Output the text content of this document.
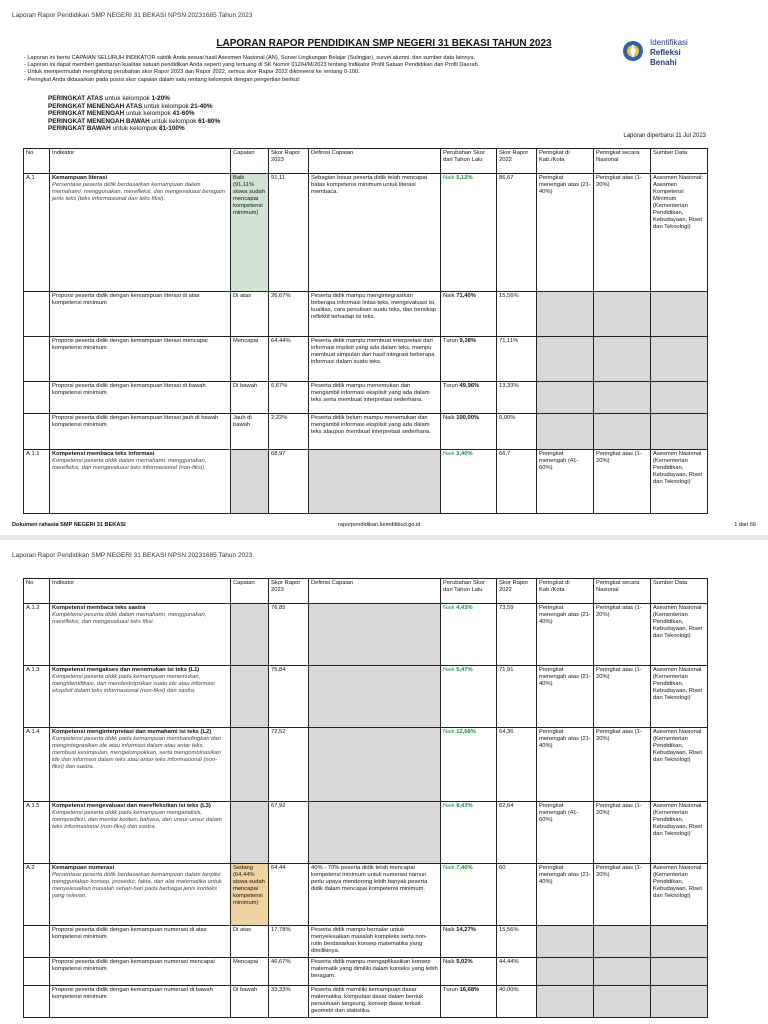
Laporan Rapor Pendidikan SMP NEGERI 31 BEKASI NPSN 20231685 Tahun 2023
LAPORAN RAPOR PENDIDIKAN SMP NEGERI 31 BEKASI TAHUN 2023	Identifikasi
Refleksi
Benahi
- Laporan ini berisi CAPAIAN SELURUH INDIKATOR satdik Anda sesuai hasil Asesmen Nasional (AN), Survei Lingkungan Belajar (Sulingjar), survei alumni, dan sumber data lainnya.
- Laporan ini dapat memberi gambaran kualitas satuan pendidikan Anda seperti yang tertuang di SK Nomor 012/H/M/2023 tentang Indikator Profil Satuan Pendidikan dan Profil Daerah.
- Untuk mempermudah menghitung perubahan skor Rapor 2023 dan Rapor 2022, semua skor Rapor 2022 dikonversi ke rentang 0-100.
- Peringkat Anda didasarkan pada posisi skor capaian dalam satu rentang kelompok dengan pengertian berikut:
PERINGKAT ATAS untuk kelompok 1-20%
PERINGKAT MENENGAH ATAS untuk kelompok 21-40%
PERINGKAT MENENGAH untuk kelompok 41-60%
PERINGKAT MENENGAH BAWAH untuk kelompok 61-80%
PERINGKAT BAWAH untuk kelompok 81-100%
Laporan diperbarui 11 Jul 2023
No	Indikator	Capaian	Skor Rapor 2023	Definisi Capaian	Perubahan Skor dari Tahun Lalu	Skor Rapor 2022	Peringkat di Kab./Kota	Peringkat secara Nasional	Sumber Data
A.1	Kemampuan literasi
Persentase peserta didik berdasarkan kemampuan dalam memahami, menggunakan, merefleksi, dan mengevaluasi beragam jenis teks (teks informasional dan teks fiksi).	Baik (91,11% siswa sudah mencapai kompetensi minimum)	91,11	Sebagian besar peserta didik telah mencapai batas kompetensi minimum untuk literasi membaca.	Naik 5,12%	86,67	Peringkat menengah atas (21-40%)	Peringkat atas (1-20%)	Asesmen Nasional; Asesmen Kompetensi Minimum (Kementerian Pendidikan, Kebudayaan, Riset dan Teknologi)

	Proporsi peserta didik dengan kemampuan literasi di atas kompetensi minimum	Di atas	26,67%	Peserta didik mampu mengintegrasikan beberapa informasi lintas teks, mengevaluasi isi, kualitas, cara penulisan suatu teks, dan bersikap reflektif terhadap isi teks.	Naik 71,40%	15,56%			

	Proporsi peserta didik dengan kemampuan literasi mencapai kompetensi minimum	Mencapai	64,44%	Peserta didik mampu membuat interpretasi dari informasi implisit yang ada dalam teks, mampu membuat simpulan dari hasil integrasi beberapa informasi dalam suatu teks.	Turun 9,38%	71,11%			

	Proporsi peserta didik dengan kemampuan literasi di bawah kompetensi minimum	Di bawah	6,67%	Peserta didik mampu menemukan dan mengambil informasi eksplisit yang ada dalam teks serta membuat interpretasi sederhana.	Turun 49,96%	13,33%			

	Proporsi peserta didik dengan kemampuan literasi jauh di bawah kompetensi minimum	Jauh di bawah	2,22%	Peserta didik belum mampu menemukan dan mengambil informasi eksplisit yang ada dalam teks ataupun membuat interpretasi sederhana.	Naik 100,00%	0,00%			
A.1.1	Kompetensi membaca teks informasi
Kompetensi peserta didik dalam memahami, menggunakan, merefleksi, dan mengevaluasi teks informasional (non-fiksi).		68,97		Naik 3,40%	66,7	Peringkat menengah (41-60%)	Peringkat atas (1-20%)	Asesmen Nasional (Kementerian Pendidikan, Kebudayaan, Riset dan Teknologi)
Dokumen rahasia SMP NEGERI 31 BEKASI	raporpendidikan.kemdikbud.go.id	1 dari 66
Laporan Rapor Pendidikan SMP NEGERI 31 BEKASI NPSN 20231685 Tahun 2023
No	Indikator	Capaian	Skor Rapor 2023	Definisi Capaian	Perubahan Skor dari Tahun Lalu	Skor Rapor 2022	Peringkat di Kab./Kota	Peringkat secara Nasional	Sumber Data
A.1.2	Kompetensi membaca teks sastra
Kompetensi peserta didik dalam memahami, menggunakan, merefleksi, dan mengevaluasi teks fiksi.		76,85		Naik 4,43%	73,59	Peringkat menengah atas (21-40%)	Peringkat atas (1-20%)	Asesmen Nasional (Kementerian Pendidikan, Kebudayaan, Riset dan Teknologi)
A.1.3	Kompetensi mengakses dan menemukan isi teks (L1)
Kompetensi peserta didik pada kemampuan menemukan, mengidentifikasi, dan mendeskripsikan suatu ide atau informasi eksplisit dalam teks informasional (non-fiksi) dan sastra.		75,84		Naik 5,47%	71,91	Peringkat menengah atas (21-40%)	Peringkat atas (1-20%)	Asesmen Nasional (Kementerian Pendidikan, Kebudayaan, Riset dan Teknologi)
A.1.4	Kompetensi menginterpretasi dan memahami isi teks (L2)
Kompetensi peserta didik pada kemampuan membandingkan dan mengintegrasikan ide atau informasi dalam atau antar teks, membuat kesimpulan, mengelompokkan, serta mengombinasikan ide dan informasi dalam teks atau antar teks informasional (non-fiksi) dan sastra.		72,52		Naik 12,68%	64,36	Peringkat menengah atas (21-40%)	Peringkat atas (1-20%)	Asesmen Nasional (Kementerian Pendidikan, Kebudayaan, Riset dan Teknologi)
A.1.5	Kompetensi mengevaluasi dan merefleksikan isi teks (L3)
Kompetensi peserta didik pada kemampuan menganalisis, memprediksi, dan menilai konten, bahasa, dan unsur-unsur dalam teks informasional (non-fiksi) dan sastra.		67,92		Naik 8,43%	62,64	Peringkat menengah (41-60%)	Peringkat atas (1-20%)	Asesmen Nasional (Kementerian Pendidikan, Kebudayaan, Riset dan Teknologi)
A.2	Kemampuan numerasi
Persentase peserta didik berdasarkan kemampuan dalam berpikir menggunakan konsep, prosedur, fakta, dan alat matematika untuk menyelesaikan masalah sehari-hari pada berbagai jenis konteks yang relevan.	Sedang (64,44% siswa sudah mencapai kompetensi minimum)	64,44	40% - 70% peserta didik telah mencapai kompetensi minimum untuk numerasi namun perlu upaya mendorong lebih banyak peserta didik dalam mencapai kompetensi minimum.	Naik 7,40%	60	Peringkat menengah atas (21-40%)	Peringkat atas (1-20%)	Asesmen Nasional (Kementerian Pendidikan, Kebudayaan, Riset dan Teknologi)

	Proporsi peserta didik dengan kemampuan numerasi di atas kompetensi minimum	Di atas	17,78%	Peserta didik mampu bernalar untuk menyelesaikan masalah kompleks serta non-rutin berdasarkan konsep matematika yang dimilikinya.	Naik 14,27%	15,56%			

	Proporsi peserta didik dengan kemampuan numerasi mencapai kompetensi minimum	Mencapai	46,67%	Peserta didik mampu mengaplikasikan konsep matematik yang dimiliki dalam konteks yang lebih beragam.	Naik 5,02%	44,44%			

	Proporsi peserta didik dengan kemampuan numerasi di bawah kompetensi minimum	Di bawah	33,33%	Peserta didik memiliki kemampuan dasar matematika: komputasi dasar dalam bentuk persamaan langsung, konsep dasar terkait geometri dan statistika.	Turun 16,68%	40,00%			
